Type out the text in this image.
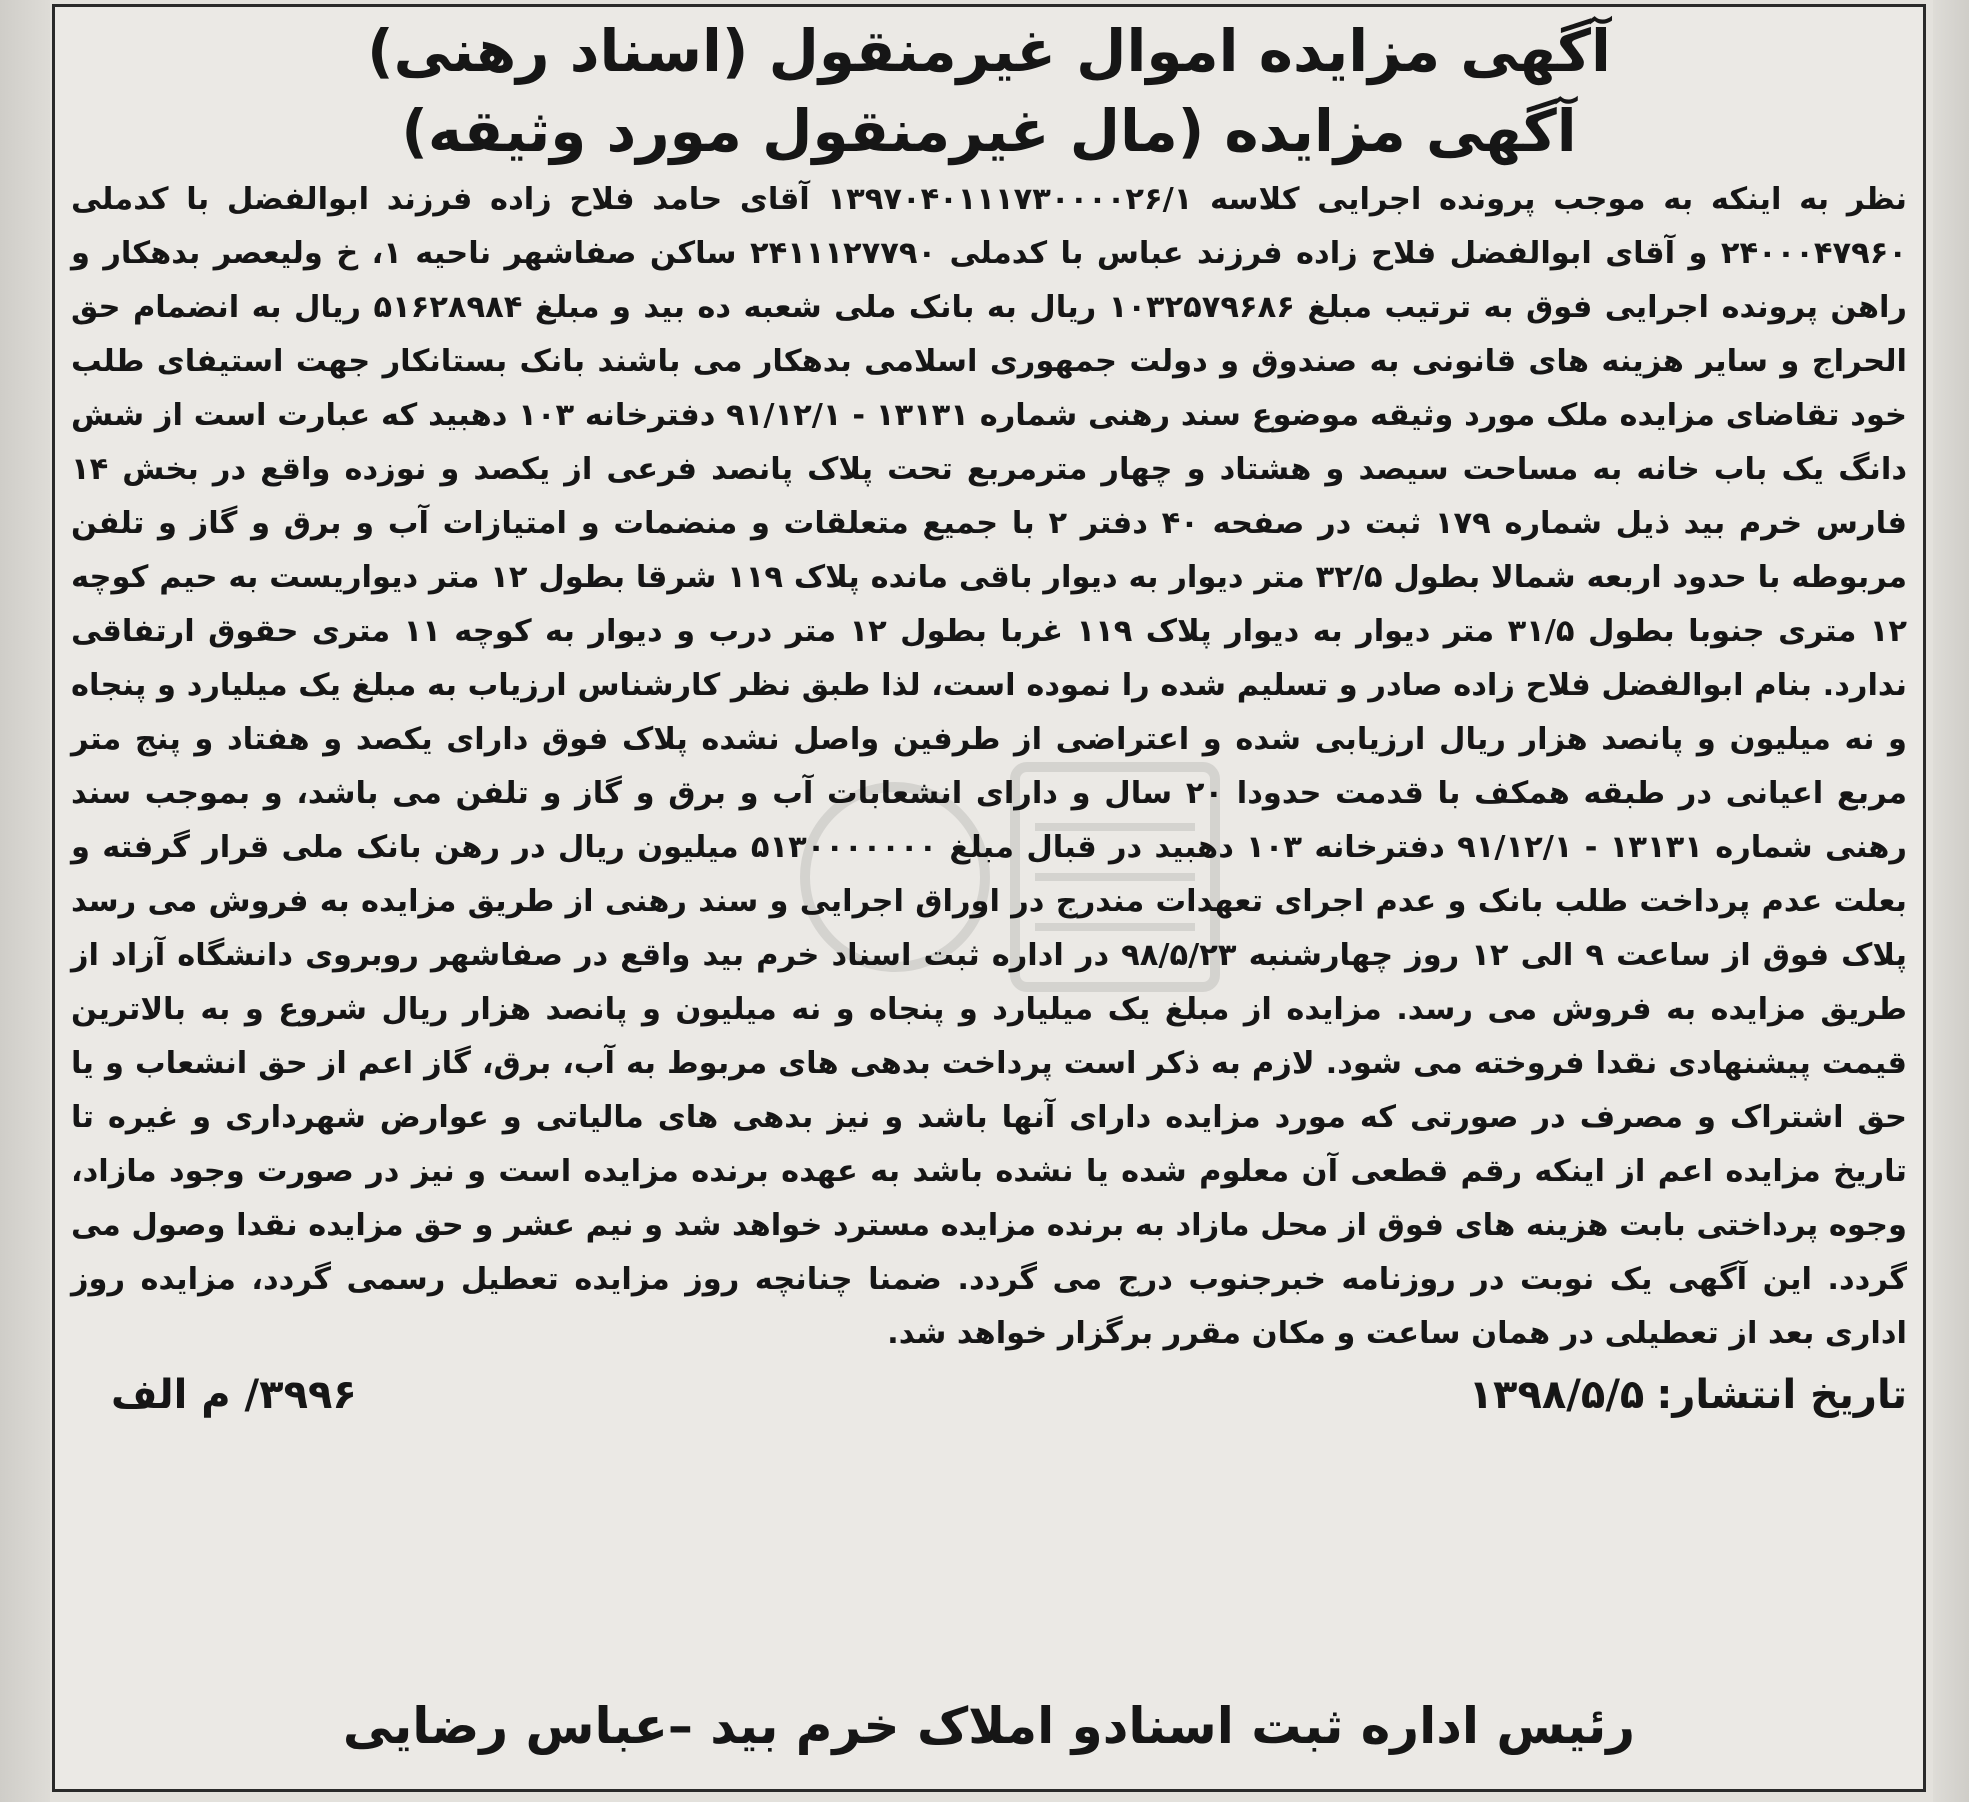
آگهی مزایده اموال غیرمنقول (اسناد رهنی)
آگهی مزایده (مال غیرمنقول مورد وثیقه)

نظر به اینکه به موجب پرونده اجرایی کلاسه ۱۳۹۷۰۴۰۱۱۱۷۳۰۰۰۰۲۶/۱ آقای حامد فلاح زاده فرزند ابوالفضل با کدملی ۲۴۰۰۰۴۷۹۶۰ و آقای ابوالفضل فلاح زاده فرزند عباس با کدملی ۲۴۱۱۱۲۷۷۹۰ ساکن صفاشهر ناحیه ۱، خ ولیعصر بدهکار و راهن پرونده اجرایی فوق به ترتیب مبلغ ۱۰۳۲۵۷۹۶۸۶ ریال به بانک ملی شعبه ده بید و مبلغ ۵۱۶۲۸۹۸۴ ریال به انضمام حق الحراج و سایر هزینه های قانونی به صندوق و دولت جمهوری اسلامی بدهکار می باشند بانک بستانکار جهت استیفای طلب خود تقاضای مزایده ملک مورد وثیقه موضوع سند رهنی شماره ۱۳۱۳۱ - ۹۱/۱۲/۱ دفترخانه ۱۰۳ دهبید که عبارت است از شش دانگ یک باب خانه به مساحت سیصد و هشتاد و چهار مترمربع تحت پلاک پانصد فرعی از یکصد و نوزده واقع در بخش ۱۴ فارس خرم بید ذیل شماره ۱۷۹ ثبت در صفحه ۴۰ دفتر ۲ با جمیع متعلقات و منضمات و امتیازات آب و برق و گاز و تلفن مربوطه با حدود اربعه شمالا بطول ۳۲/۵ متر دیوار به دیوار باقی مانده پلاک ۱۱۹ شرقا بطول ۱۲ متر دیواریست به حیم کوچه ۱۲ متری جنوبا بطول ۳۱/۵ متر دیوار به دیوار پلاک ۱۱۹ غربا بطول ۱۲ متر درب و دیوار به کوچه ۱۱ متری حقوق ارتفاقی ندارد. بنام ابوالفضل فلاح زاده صادر و تسلیم شده را نموده است، لذا طبق نظر کارشناس ارزیاب به مبلغ یک میلیارد و پنجاه و نه میلیون و پانصد هزار ریال ارزیابی شده و اعتراضی از طرفین واصل نشده پلاک فوق دارای یکصد و هفتاد و پنج متر مربع اعیانی در طبقه همکف با قدمت حدودا ۲۰ سال و دارای انشعابات آب و برق و گاز و تلفن می باشد، و بموجب سند رهنی شماره ۱۳۱۳۱ - ۹۱/۱۲/۱ دفترخانه ۱۰۳ دهبید در قبال مبلغ ۵۱۳۰۰۰۰۰۰۰ میلیون ریال در رهن بانک ملی قرار گرفته و بعلت عدم پرداخت طلب بانک و عدم اجرای تعهدات مندرج در اوراق اجرایی و سند رهنی از طریق مزایده به فروش می رسد پلاک فوق از ساعت ۹ الی ۱۲ روز چهارشنبه ۹۸/۵/۲۳ در اداره ثبت اسناد خرم بید واقع در صفاشهر روبروی دانشگاه آزاد از طریق مزایده به فروش می رسد. مزایده از مبلغ یک میلیارد و پنجاه و نه میلیون و پانصد هزار ریال شروع و به بالاترین قیمت پیشنهادی نقدا فروخته می شود. لازم به ذکر است پرداخت بدهی های مربوط به آب، برق، گاز اعم از حق انشعاب و یا حق اشتراک و مصرف در صورتی که مورد مزایده دارای آنها باشد و نیز بدهی های مالیاتی و عوارض شهرداری و غیره تا تاریخ مزایده اعم از اینکه رقم قطعی آن معلوم شده یا نشده باشد به عهده برنده مزایده است و نیز در صورت وجود مازاد، وجوه پرداختی بابت هزینه های فوق از محل مازاد به برنده مزایده مسترد خواهد شد و نیم عشر و حق مزایده نقدا وصول می گردد. این آگهی یک نوبت در روزنامه خبرجنوب درج می گردد. ضمنا چنانچه روز مزایده تعطیل رسمی گردد، مزایده روز اداری بعد از تعطیلی در همان ساعت و مکان مقرر برگزار خواهد شد.

تاریخ انتشار:۱۳۹۸/۵/۵
۳۹۹۶/ م الف
رئیس اداره ثبت اسنادو املاک خرم بید –عباس رضایی
